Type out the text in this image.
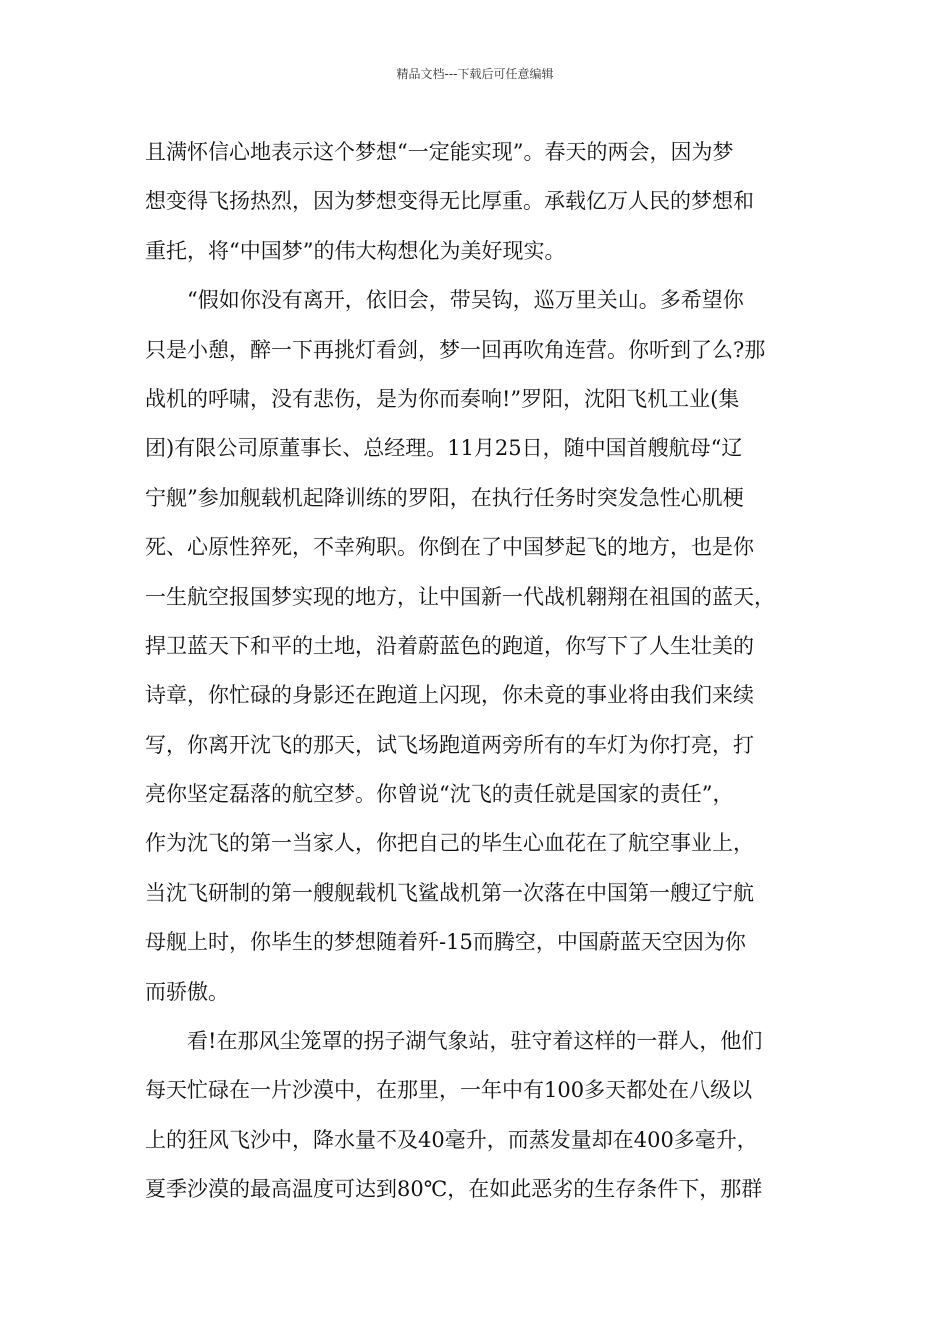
精品文档---下载后可任意编辑
且满怀信心地表示这个梦想“一定能实现”。春天的两会，因为梦
想变得飞扬热烈，因为梦想变得无比厚重。承载亿万人民的梦想和
重托，将“中国梦”的伟大构想化为美好现实。
“假如你没有离开，依旧会，带吴钩，巡万里关山。多希望你
只是小憩，醉一下再挑灯看剑，梦一回再吹角连营。你听到了么?那
战机的呼啸，没有悲伤，是为你而奏响!”罗阳，沈阳飞机工业(集
团)有限公司原董事长、总经理。11月25日，随中国首艘航母“辽
宁舰”参加舰载机起降训练的罗阳，在执行任务时突发急性心肌梗
死、心原性猝死，不幸殉职。你倒在了中国梦起飞的地方，也是你
一生航空报国梦实现的地方，让中国新一代战机翱翔在祖国的蓝天，
捍卫蓝天下和平的土地，沿着蔚蓝色的跑道，你写下了人生壮美的
诗章，你忙碌的身影还在跑道上闪现，你未竟的事业将由我们来续
写，你离开沈飞的那天，试飞场跑道两旁所有的车灯为你打亮，打
亮你坚定磊落的航空梦。你曾说“沈飞的责任就是国家的责任”，
作为沈飞的第一当家人，你把自己的毕生心血花在了航空事业上，
当沈飞研制的第一艘舰载机飞鲨战机第一次落在中国第一艘辽宁航
母舰上时，你毕生的梦想随着歼-15而腾空，中国蔚蓝天空因为你
而骄傲。
看!在那风尘笼罩的拐子湖气象站，驻守着这样的一群人，他们
每天忙碌在一片沙漠中，在那里，一年中有100多天都处在八级以
上的狂风飞沙中，降水量不及40毫升，而蒸发量却在400多毫升，
夏季沙漠的最高温度可达到80℃，在如此恶劣的生存条件下，那群
